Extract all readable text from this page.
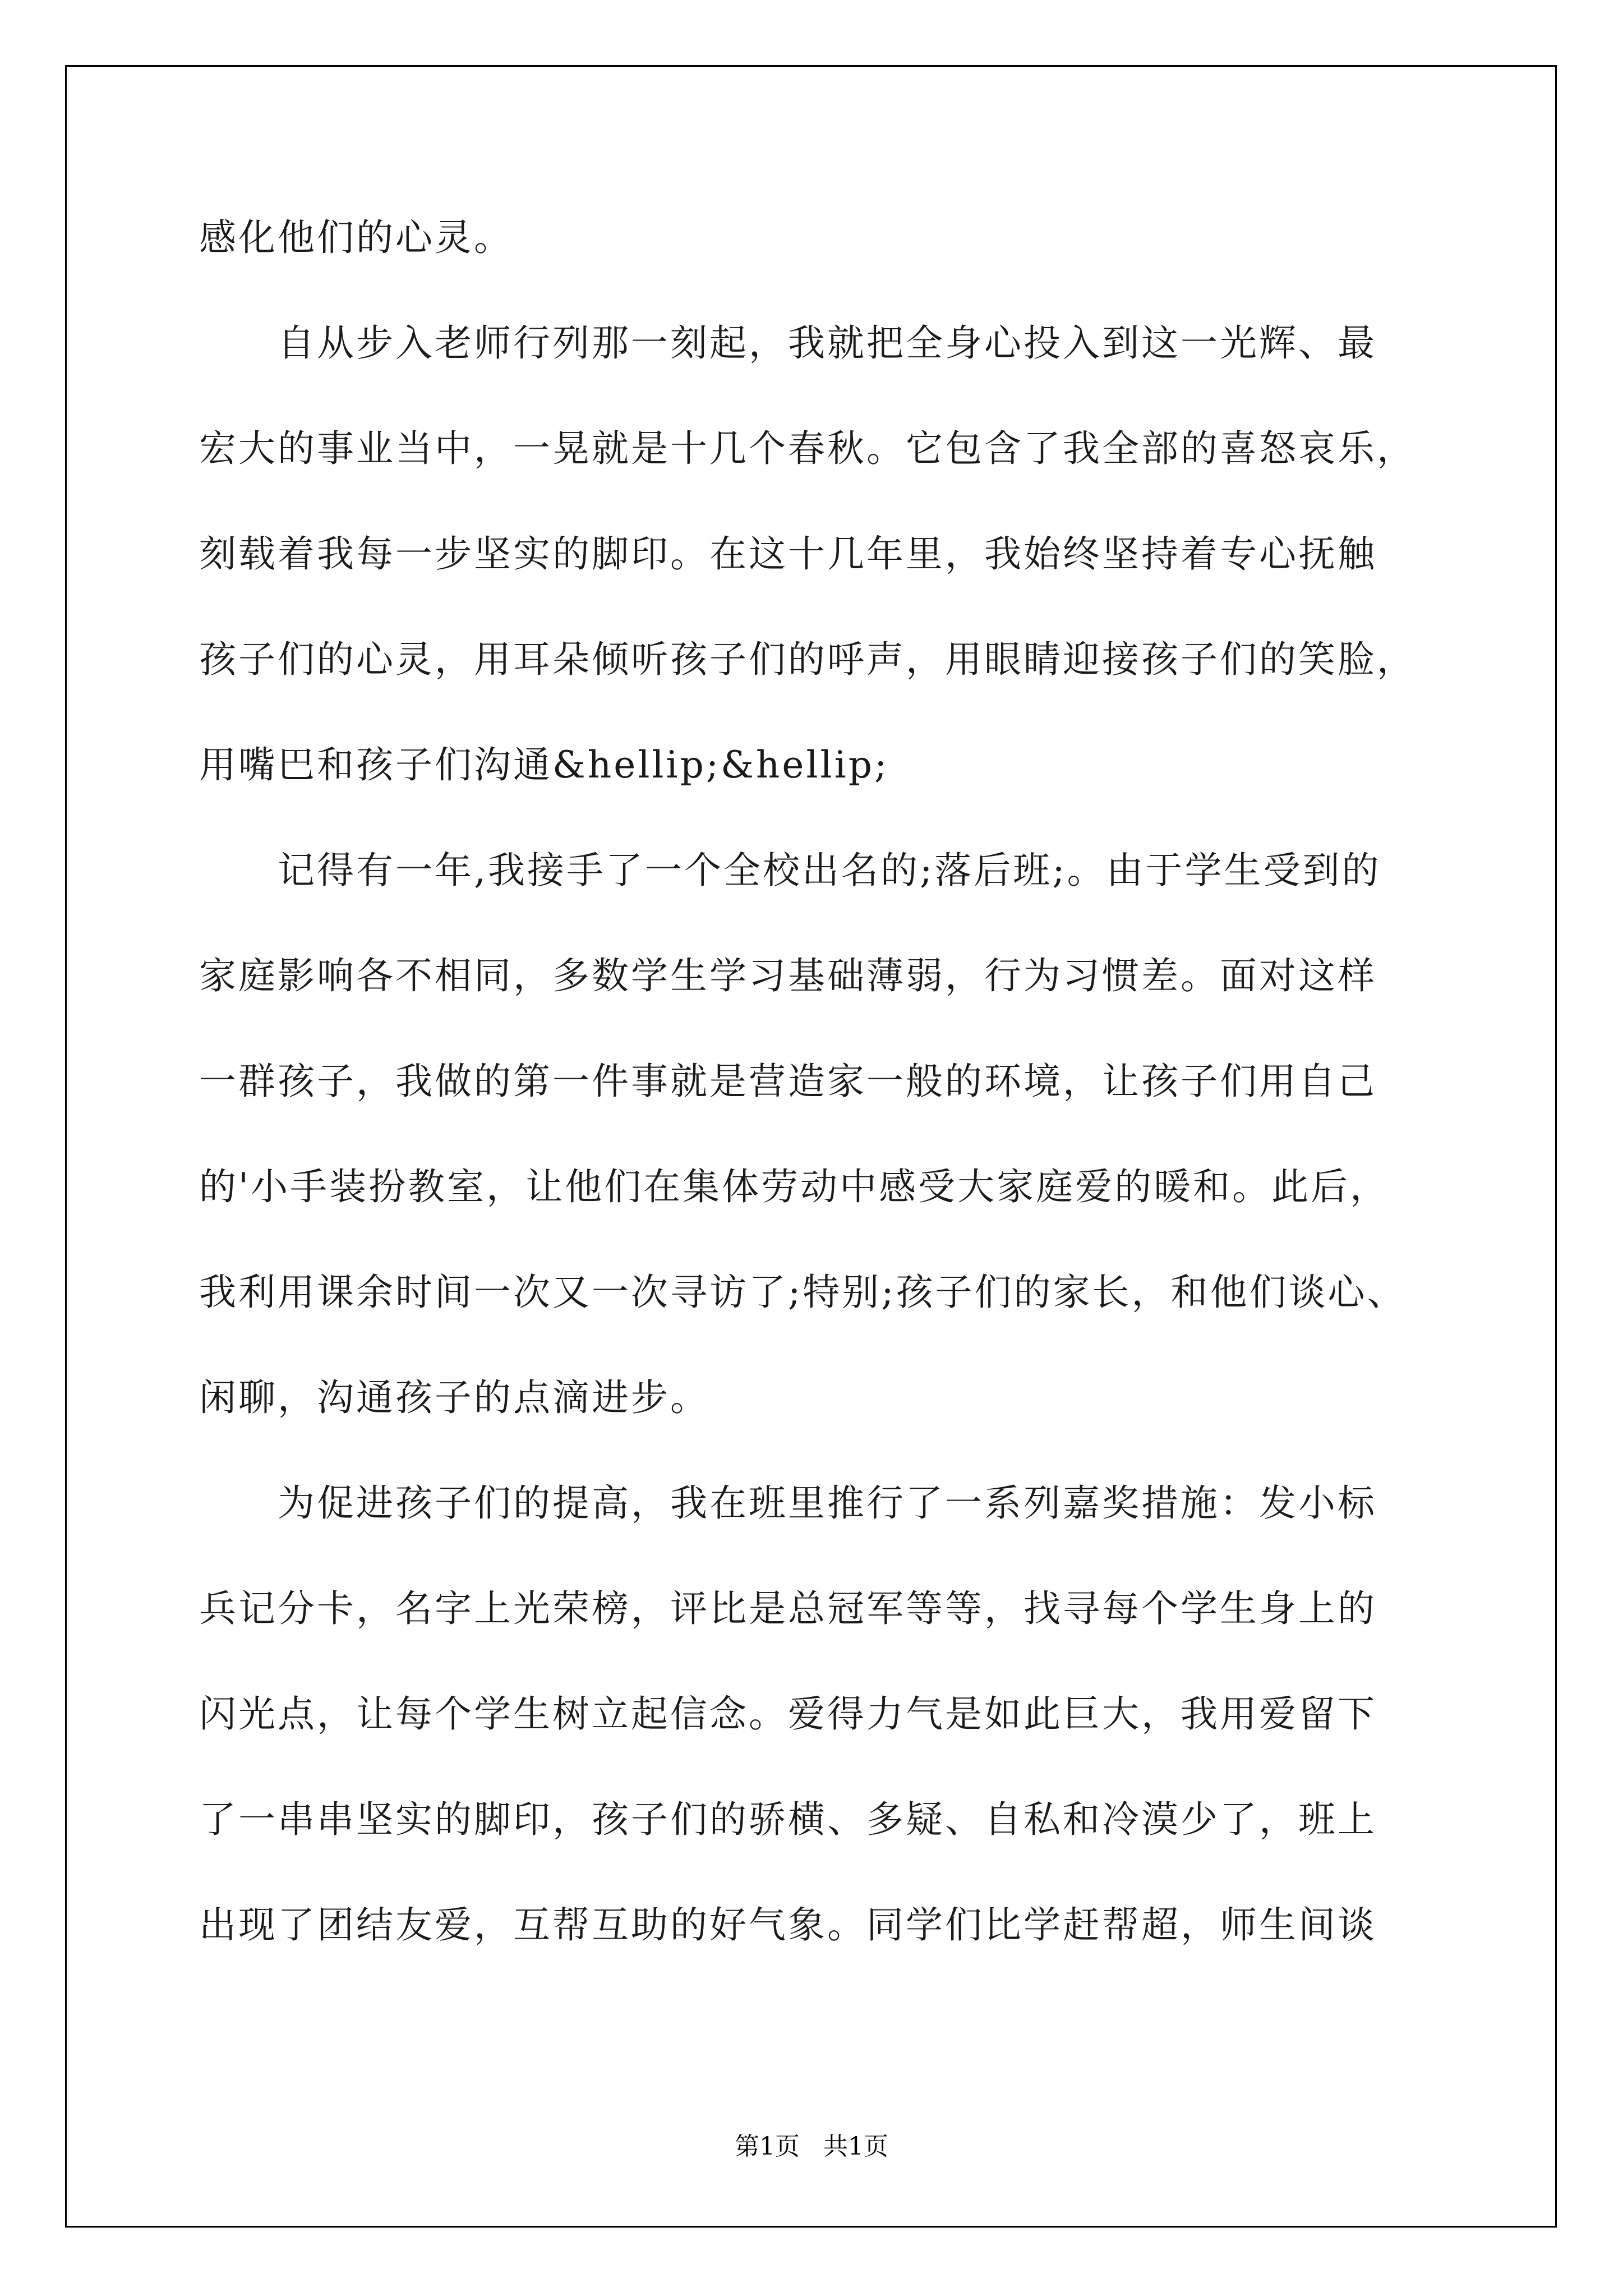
感化他们的心灵。
　　自从步入老师行列那一刻起，我就把全身心投入到这一光辉、最
宏大的事业当中，一晃就是十几个春秋。它包含了我全部的喜怒哀乐，
刻载着我每一步坚实的脚印。在这十几年里，我始终坚持着专心抚触
孩子们的心灵，用耳朵倾听孩子们的呼声，用眼睛迎接孩子们的笑脸，
用嘴巴和孩子们沟通&hellip;&hellip;
　　记得有一年,我接手了一个全校出名的;落后班;。由于学生受到的
家庭影响各不相同，多数学生学习基础薄弱，行为习惯差。面对这样
一群孩子，我做的第一件事就是营造家一般的环境，让孩子们用自己
的'小手装扮教室，让他们在集体劳动中感受大家庭爱的暖和。此后，
我利用课余时间一次又一次寻访了;特别;孩子们的家长，和他们谈心、
闲聊，沟通孩子的点滴进步。
　　为促进孩子们的提高，我在班里推行了一系列嘉奖措施：发小标
兵记分卡，名字上光荣榜，评比是总冠军等等，找寻每个学生身上的
闪光点，让每个学生树立起信念。爱得力气是如此巨大，我用爱留下
了一串串坚实的脚印，孩子们的骄横、多疑、自私和冷漠少了，班上
出现了团结友爱，互帮互助的好气象。同学们比学赶帮超，师生间谈
第1页   共1页
